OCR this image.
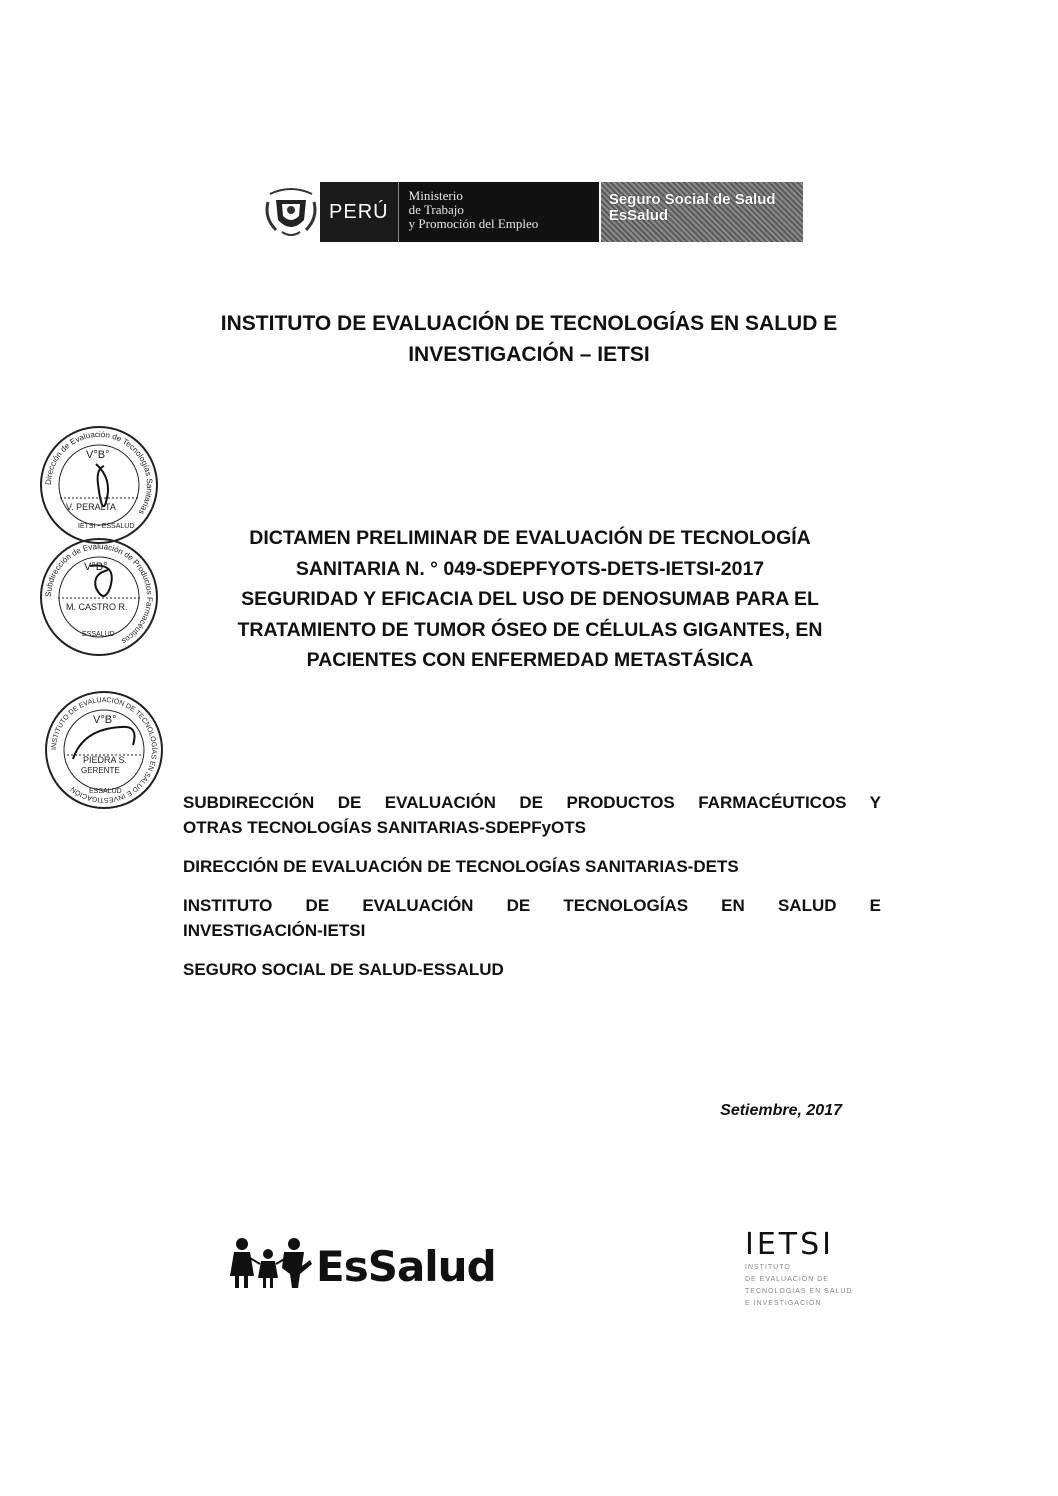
PERÚ
Ministerio
de Trabajo
y Promoción del Empleo
Seguro Social de Salud
EsSalud
INSTITUTO DE EVALUACIÓN DE TECNOLOGÍAS EN SALUD E
INVESTIGACIÓN – IETSI
Dirección de Evaluación de Tecnologías Sanitarias
V°B°
V. PERALTA
IETSI - ESSALUD
Subdirección de Evaluación de Productos Farmacéuticos
V°B°
M. CASTRO R.
ESSALUD
INSTITUTO DE EVALUACIÓN DE TECNOLOGÍAS EN SALUD E INVESTIGACIÓN
V°B°
PIEDRA S.
GERENTE
ESSALUD
DICTAMEN PRELIMINAR DE EVALUACIÓN DE TECNOLOGÍA
SANITARIA N. ° 049-SDEPFYOTS-DETS-IETSI-2017
SEGURIDAD Y EFICACIA DEL USO DE DENOSUMAB PARA EL
TRATAMIENTO DE TUMOR ÓSEO DE CÉLULAS GIGANTES, EN
PACIENTES CON ENFERMEDAD METASTÁSICA
SUBDIRECCIÓN DE EVALUACIÓN DE PRODUCTOS FARMACÉUTICOS Y
OTRAS TECNOLOGÍAS SANITARIAS-SDEPFyOTS
DIRECCIÓN DE EVALUACIÓN DE TECNOLOGÍAS SANITARIAS-DETS
INSTITUTO DE EVALUACIÓN DE TECNOLOGÍAS EN SALUD E
INVESTIGACIÓN-IETSI
SEGURO SOCIAL DE SALUD-ESSALUD
Setiembre, 2017
EsSalud	IETSI
INSTITUTO
DE EVALUACIÓN DE
TECNOLOGÍAS EN SALUD
E INVESTIGACIÓN
